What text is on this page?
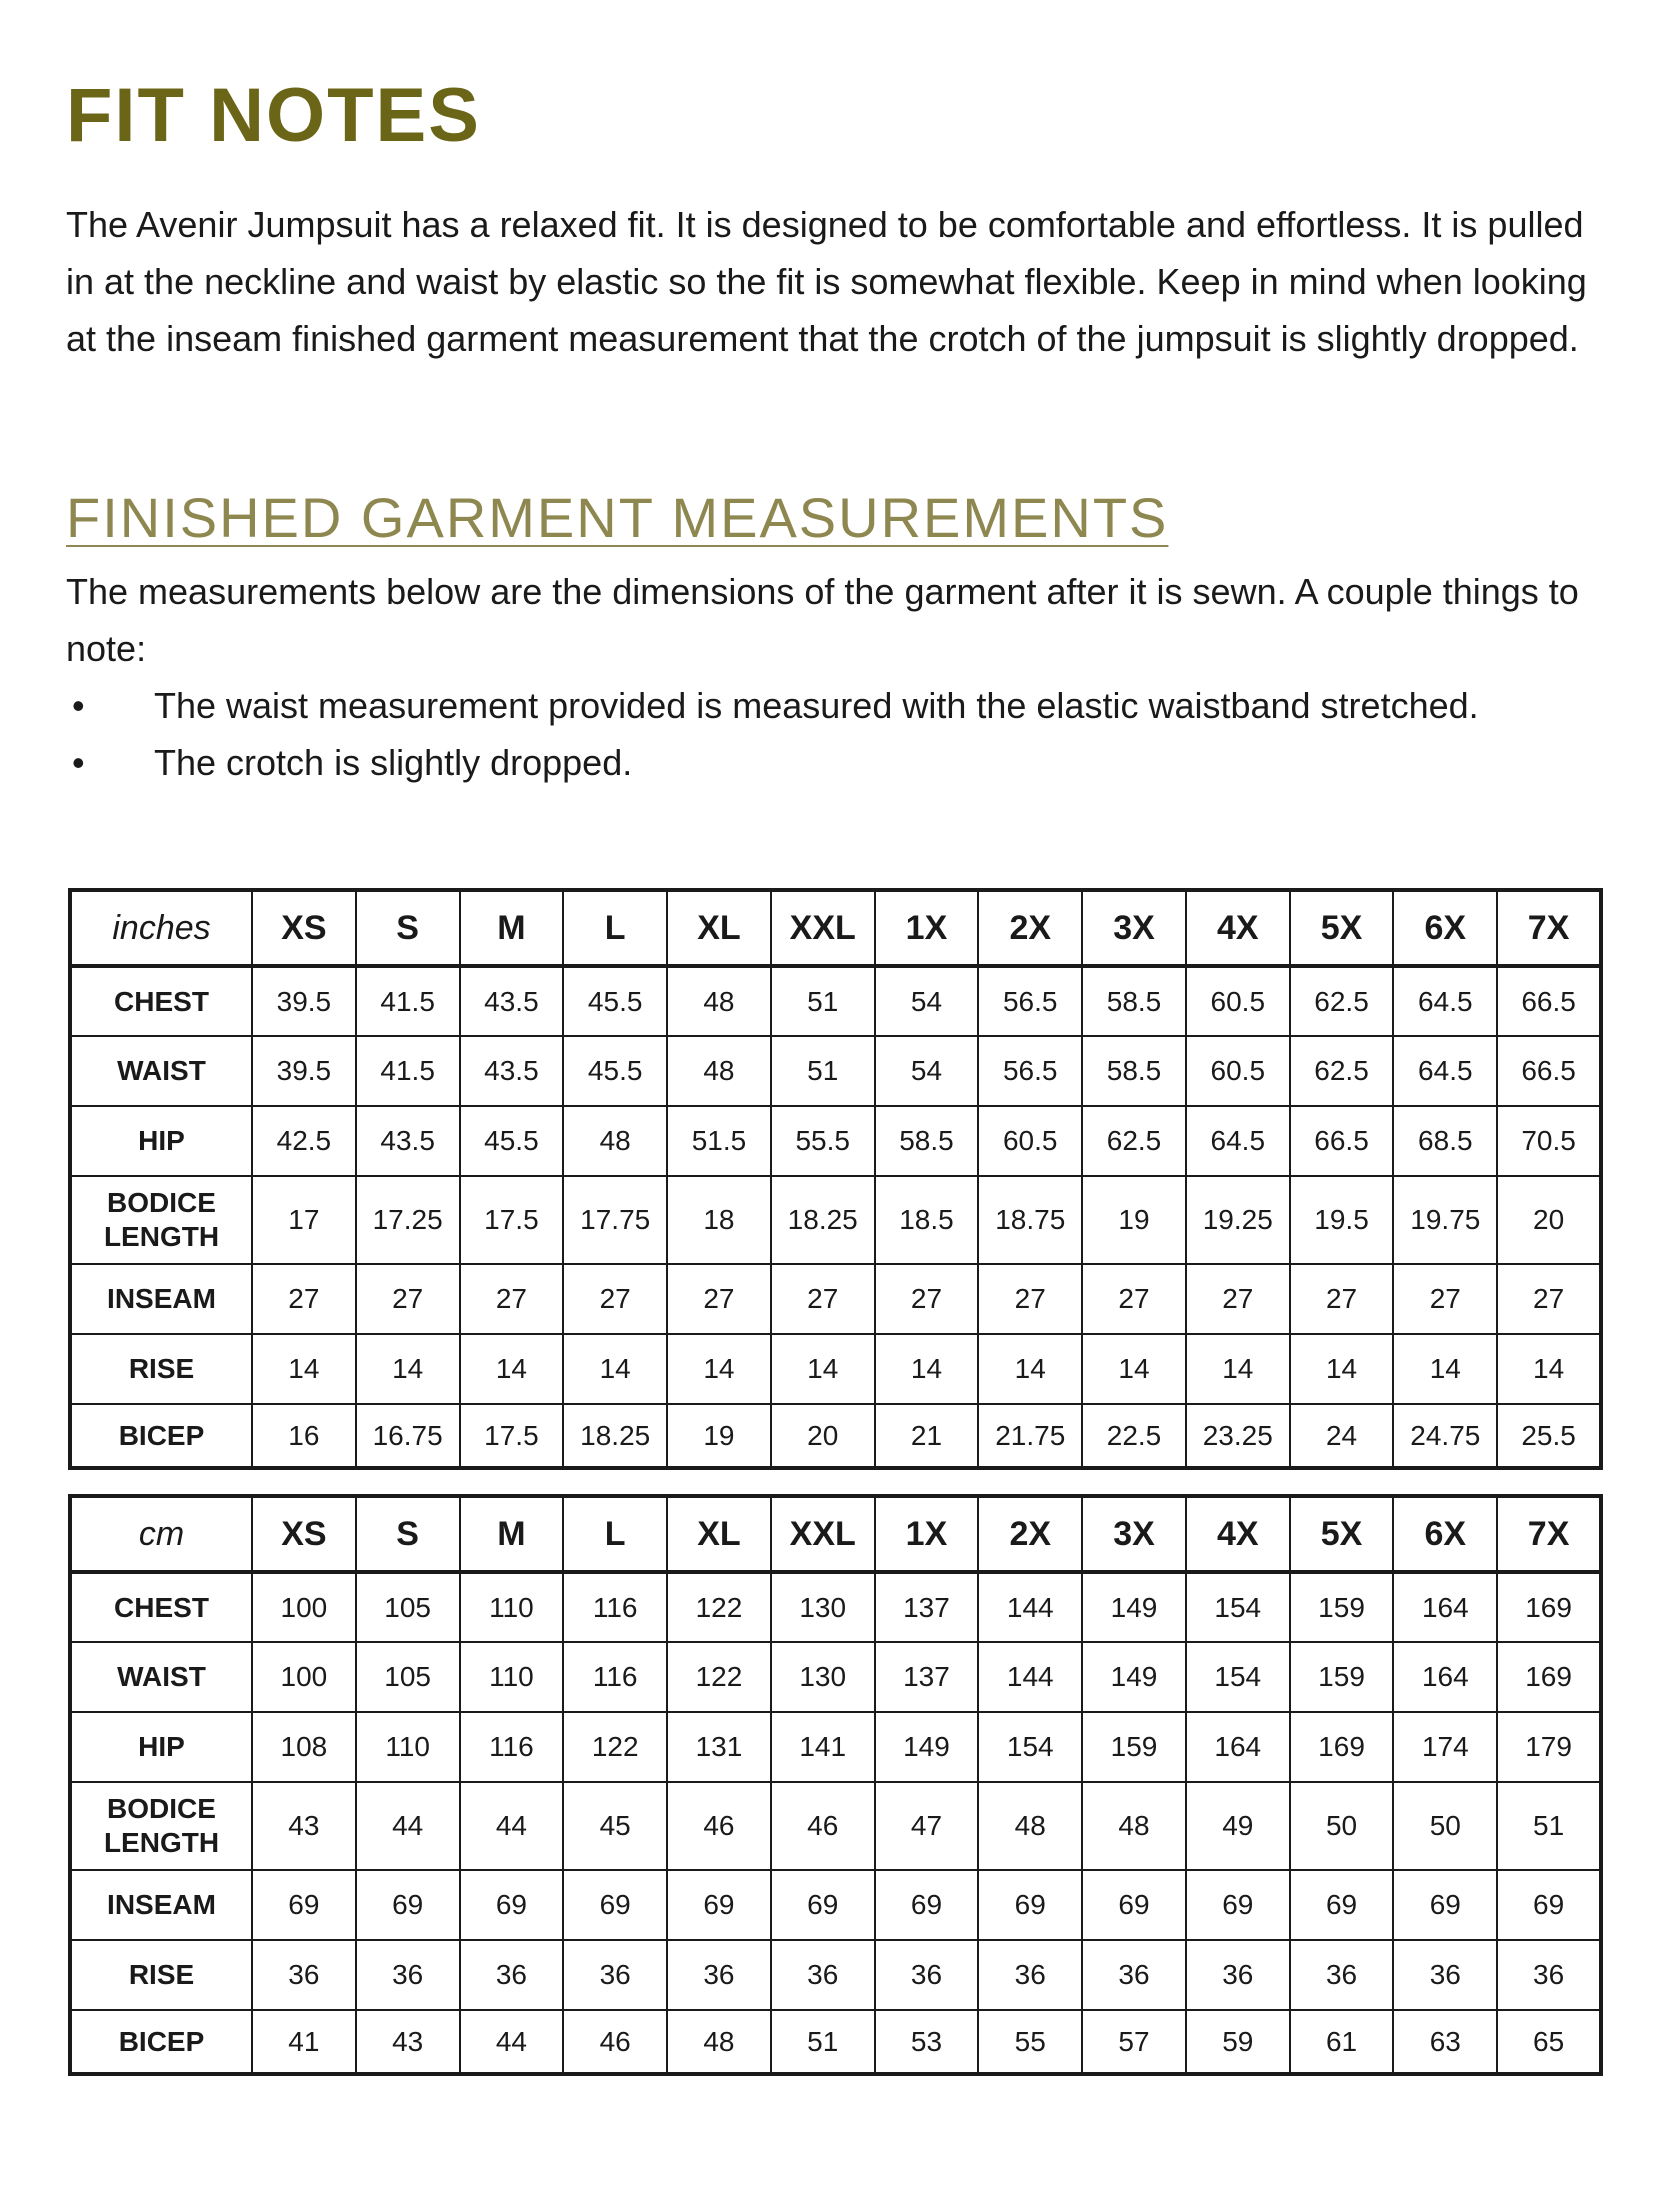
FIT NOTES

The Avenir Jumpsuit has a relaxed fit. It is designed to be comfortable and effortless. It is pulled in at the neckline and waist by elastic so the fit is somewhat flexible. Keep in mind when looking at the inseam finished garment measurement that the crotch of the jumpsuit is slightly dropped.

FINISHED GARMENT MEASUREMENTS

The measurements below are the dimensions of the garment after it is sewn. A couple things to note:

• The waist measurement provided is measured with the elastic waistband stretched.
• The crotch is slightly dropped.
inches	XS	S	M	L	XL	XXL	1X	2X	3X	4X	5X	6X	7X
CHEST	39.5	41.5	43.5	45.5	48	51	54	56.5	58.5	60.5	62.5	64.5	66.5
WAIST	39.5	41.5	43.5	45.5	48	51	54	56.5	58.5	60.5	62.5	64.5	66.5
HIP	42.5	43.5	45.5	48	51.5	55.5	58.5	60.5	62.5	64.5	66.5	68.5	70.5
BODICE
LENGTH	17	17.25	17.5	17.75	18	18.25	18.5	18.75	19	19.25	19.5	19.75	20
INSEAM	27	27	27	27	27	27	27	27	27	27	27	27	27
RISE	14	14	14	14	14	14	14	14	14	14	14	14	14
BICEP	16	16.75	17.5	18.25	19	20	21	21.75	22.5	23.25	24	24.75	25.5
cm	XS	S	M	L	XL	XXL	1X	2X	3X	4X	5X	6X	7X
CHEST	100	105	110	116	122	130	137	144	149	154	159	164	169
WAIST	100	105	110	116	122	130	137	144	149	154	159	164	169
HIP	108	110	116	122	131	141	149	154	159	164	169	174	179
BODICE
LENGTH	43	44	44	45	46	46	47	48	48	49	50	50	51
INSEAM	69	69	69	69	69	69	69	69	69	69	69	69	69
RISE	36	36	36	36	36	36	36	36	36	36	36	36	36
BICEP	41	43	44	46	48	51	53	55	57	59	61	63	65
